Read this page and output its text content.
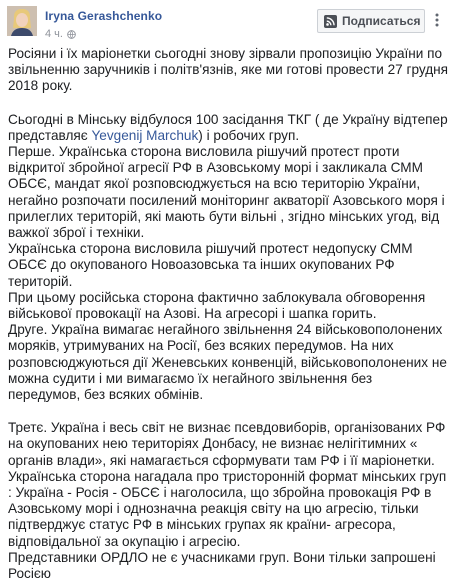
Iryna Gerashchenko
4 ч.
Подписаться

Росіяни і їх маріонетки сьогодні знову зірвали пропозицію України по звільненню заручників і політв'язнів, яке ми готові провести 27 грудня 2018 року.

Сьогодні в Мінську відбулося 100 засідання ТКГ ( де Україну відтепер представляє Yevgenij Marchuk) і робочих груп.

Перше. Українська сторона висловила рішучий протест проти відкритої збройної агресії РФ в Азовському морі і закликала СММ ОБСЄ, мандат якої розповсюджується на всю територію України, негайно розпочати посилений моніторинг акваторії Азовського моря і прилеглих територій, які мають бути вільні , згідно мінських угод, від важкої зброї і техніки.

Українська сторона висловила рішучий протест недопуску СММ ОБСЄ до окупованого Новоазовська та інших окупованих РФ територій.

При цьому російська сторона фактично заблокувала обговорення військової провокації на Азові. На агресорі і шапка горить.

Друге. Україна вимагає негайного звільнення 24 військовополонених моряків, утримуваних на Росії, без всяких передумов. На них розповсюджуються дії Женевських конвенцій, військовополонених не можна судити і ми вимагаємо їх негайного звільнення без передумов, без всяких обмінів.

Третє. Україна і весь світ не визнає псевдовиборів, організованих РФ на окупованих нею територіях Донбасу, не визнає нелігітимних « органів влади», які намагається сформувати там РФ і її маріонетки. Українська сторона нагадала про тристоронній формат мінських груп : Україна - Росія - ОБСЄ і наголосила, що збройна провокація РФ в Азовському морі і однозначна реакція світу на цю агресію, тільки підтверджує статус РФ в мінських групах як країни- агресора, відповідальної за окупацію і агресію.

Представники ОРДЛО не є учасниками груп. Вони тільки запрошені Росією
